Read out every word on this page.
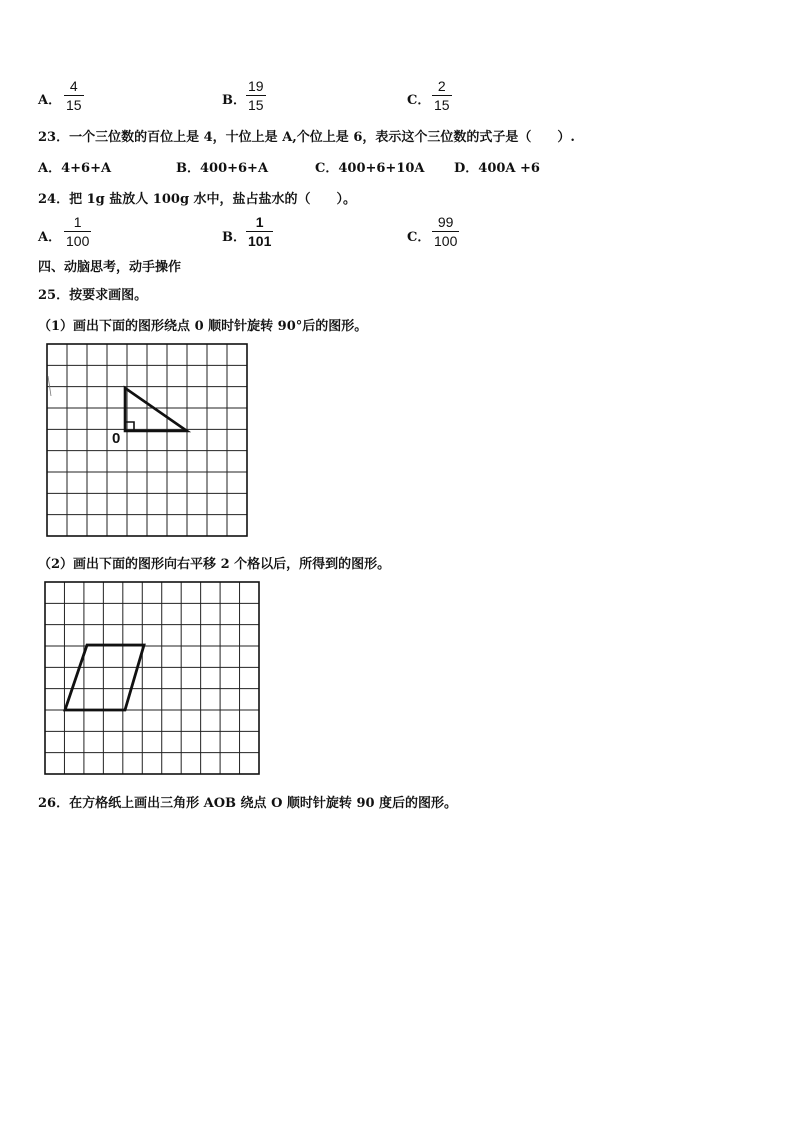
A．
4
15	B．
19
15	C．
2
15
23．一个三位数的百位上是 4，十位上是 A,个位上是 6，表示这个三位数的式子是（　　）.
A．4+6+A	B．400+6+A	C．400+6+10A D．400A +6
24．把 1g 盐放人 100g 水中，盐占盐水的（　　）。
A．
1
100	B．
1
101	C．
99
100
四、动脑思考，动手操作
25．按要求画图。
（1）画出下面的图形绕点 0 顺时针旋转 90°后的图形。
0
（2）画出下面的图形向右平移 2 个格以后，所得到的图形。
26．在方格纸上画出三角形 AOB 绕点 O 顺时针旋转 90 度后的图形。
